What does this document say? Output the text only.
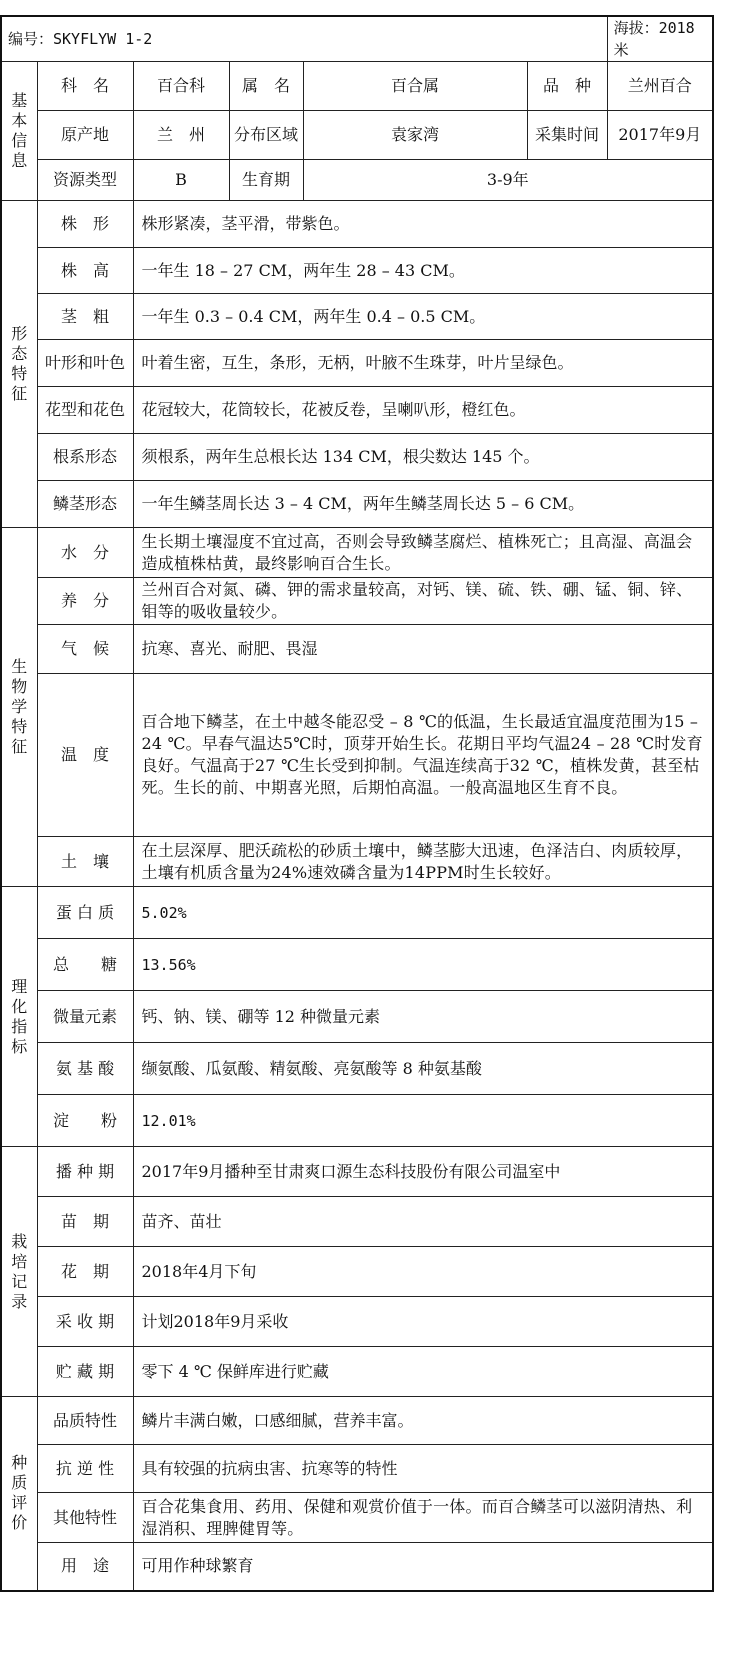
编号：SKYFLYW 1-2						海拔：2018 米

基本信息	科　名	百合科	属　名	百合属	品　种	兰州百合
	原产地	兰　州	分布区域	袁家湾	采集时间	2017年9月
	资源类型	B	生育期	3-9年		

形态特征	株　形	株形紧凑，茎平滑，带紫色。				
	株　高	一年生 18 – 27 CM，两年生 28 – 43 CM。				
	茎　粗	一年生 0.3 – 0.4 CM，两年生 0.4 – 0.5 CM。				
	叶形和叶色	叶着生密，互生，条形，无柄，叶腋不生珠芽，叶片呈绿色。				
	花型和花色	花冠较大，花筒较长，花被反卷，呈喇叭形，橙红色。				
	根系形态	须根系，两年生总根长达 134 CM，根尖数达 145 个。				
	鳞茎形态	一年生鳞茎周长达 3 – 4 CM，两年生鳞茎周长达 5 – 6 CM。				

生物学特征	水　分	生长期土壤湿度不宜过高，否则会导致鳞茎腐烂、植株死亡；且高湿、高温会造成植株枯黄，最终影响百合生长。				
	养　分	兰州百合对氮、磷、钾的需求量较高，对钙、镁、硫、铁、硼、锰、铜、锌、钼等的吸收量较少。				
	气　候	抗寒、喜光、耐肥、畏湿				
	温　度	百合地下鳞茎，在土中越冬能忍受 – 8 ℃的低温，生长最适宜温度范围为15 – 24 ℃。早春气温达5℃时，顶芽开始生长。花期日平均气温24 – 28 ℃时发育良好。气温高于27 ℃生长受到抑制。气温连续高于32 ℃，植株发黄，甚至枯死。生长的前、中期喜光照，后期怕高温。一般高温地区生育不良。				
	土　壤	在土层深厚、肥沃疏松的砂质土壤中，鳞茎膨大迅速，色泽洁白、肉质较厚，土壤有机质含量为24%速效磷含量为14PPM时生长较好。				

理化指标	蛋 白 质	5.02%				
	总　　糖	13.56%				
	微量元素	钙、钠、镁、硼等 12 种微量元素				
	氨 基 酸	缬氨酸、瓜氨酸、精氨酸、亮氨酸等 8 种氨基酸				
	淀　　粉	12.01%				

栽培记录	播 种 期	2017年9月播种至甘肃爽口源生态科技股份有限公司温室中				
	苗　期	苗齐、苗壮				
	花　期	2018年4月下旬				
	采 收 期	计划2018年9月采收				
	贮 藏 期	零下 4 ℃ 保鲜库进行贮藏				

种质评价	品质特性	鳞片丰满白嫩，口感细腻，营养丰富。				
	抗 逆 性	具有较强的抗病虫害、抗寒等的特性				
	其他特性	百合花集食用、药用、保健和观赏价值于一体。而百合鳞茎可以滋阴清热、利湿消积、理脾健胃等。				
	用　途	可用作种球繁育				
